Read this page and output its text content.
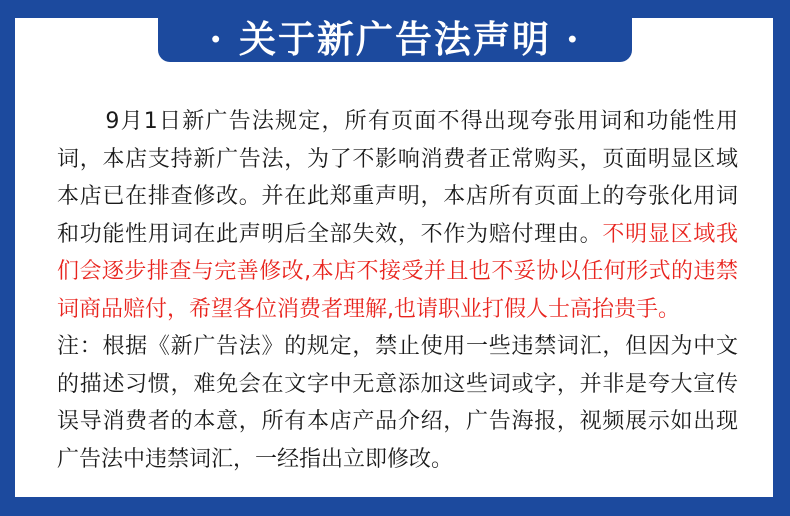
· 关于新广告法声明 ·

9月1日新广告法规定，所有页面不得出现夸张用词和功能性用词，本店支持新广告法，为了不影响消费者正常购买，页面明显区域本店已在排查修改。并在此郑重声明，本店所有页面上的夸张化用词和功能性用词在此声明后全部失效，不作为赔付理由。不明显区域我们会逐步排查与完善修改,本店不接受并且也不妥协以任何形式的违禁词商品赔付，希望各位消费者理解,也请职业打假人士高抬贵手。

注：根据《新广告法》的规定，禁止使用一些违禁词汇，但因为中文的描述习惯，难免会在文字中无意添加这些词或字，并非是夸大宣传误导消费者的本意，所有本店产品介绍，广告海报，视频展示如出现广告法中违禁词汇，一经指出立即修改。
